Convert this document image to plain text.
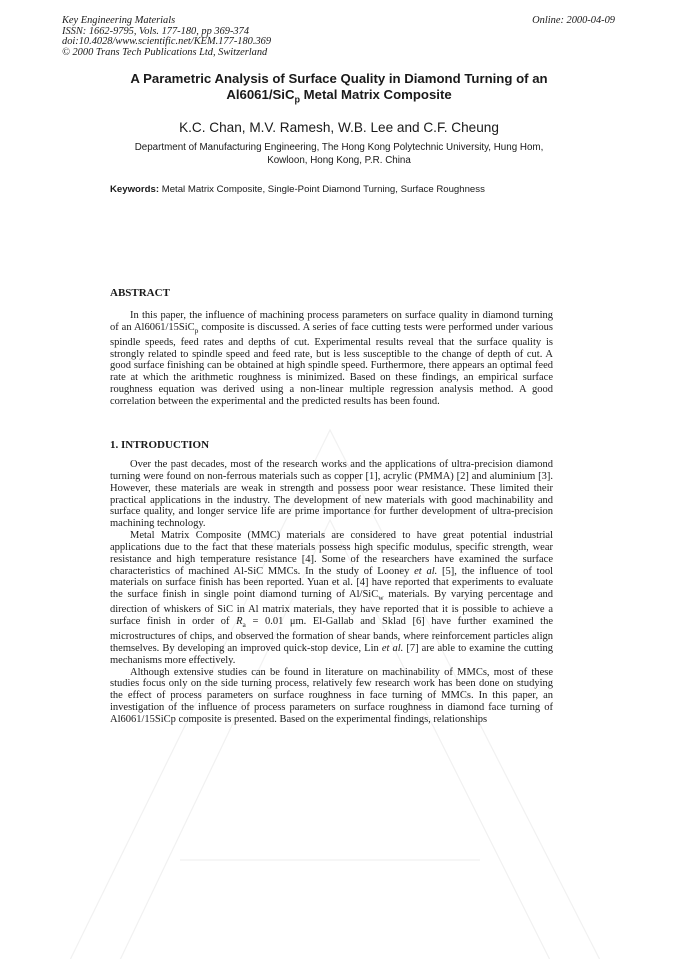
Key Engineering Materials
ISSN: 1662-9795, Vols. 177-180, pp 369-374
doi:10.4028/www.scientific.net/KEM.177-180.369
© 2000 Trans Tech Publications Ltd, Switzerland
Online: 2000-04-09
A Parametric Analysis of Surface Quality in Diamond Turning of an
Al6061/SiC$_p$ Metal Matrix Composite
K.C. Chan, M.V. Ramesh, W.B. Lee and C.F. Cheung
Department of Manufacturing Engineering, The Hong Kong Polytechnic University, Hung Hom,
Kowloon, Hong Kong, P.R. China
Keywords: Metal Matrix Composite, Single-Point Diamond Turning, Surface Roughness
ABSTRACT

In this paper, the influence of machining process parameters on surface quality in diamond turning of an Al6061/15SiC$_p$ composite is discussed. A series of face cutting tests were performed under various spindle speeds, feed rates and depths of cut. Experimental results reveal that the surface quality is strongly related to spindle speed and feed rate, but is less susceptible to the change of depth of cut. A good surface finishing can be obtained at high spindle speed. Furthermore, there appears an optimal feed rate at which the arithmetic roughness is minimized. Based on these findings, an empirical surface roughness equation was derived using a non-linear multiple regression analysis method. A good correlation between the experimental and the predicted results has been found.

1. INTRODUCTION

Over the past decades, most of the research works and the applications of ultra-precision diamond turning were found on non-ferrous materials such as copper [1], acrylic (PMMA) [2] and aluminium [3]. However, these materials are weak in strength and possess poor wear resistance. These limited their practical applications in the industry. The development of new materials with good machinability and surface quality, and longer service life are prime importance for further development of ultra-precision machining technology.

Metal Matrix Composite (MMC) materials are considered to have great potential industrial applications due to the fact that these materials possess high specific modulus, specific strength, wear resistance and high temperature resistance [4]. Some of the researchers have examined the surface characteristics of machined Al-SiC MMCs. In the study of Looney et al. [5], the influence of tool materials on surface finish has been reported. Yuan et al. [4] have reported that experiments to evaluate the surface finish in single point diamond turning of Al/SiC$_w$ materials. By varying percentage and direction of whiskers of SiC in Al matrix materials, they have reported that it is possible to achieve a surface finish in order of $R_a = 0.01$ μm. El-Gallab and Sklad [6] have further examined the microstructures of chips, and observed the formation of shear bands, where reinforcement particles align themselves. By developing an improved quick-stop device, Lin et al. [7] are able to examine the cutting mechanisms more effectively.

Although extensive studies can be found in literature on machinability of MMCs, most of these studies focus only on the side turning process, relatively few research work has been done on studying the effect of process parameters on surface roughness in face turning of MMCs. In this paper, an investigation of the influence of process parameters on surface roughness in diamond face turning of Al6061/15SiCp composite is presented. Based on the experimental findings, relationships
